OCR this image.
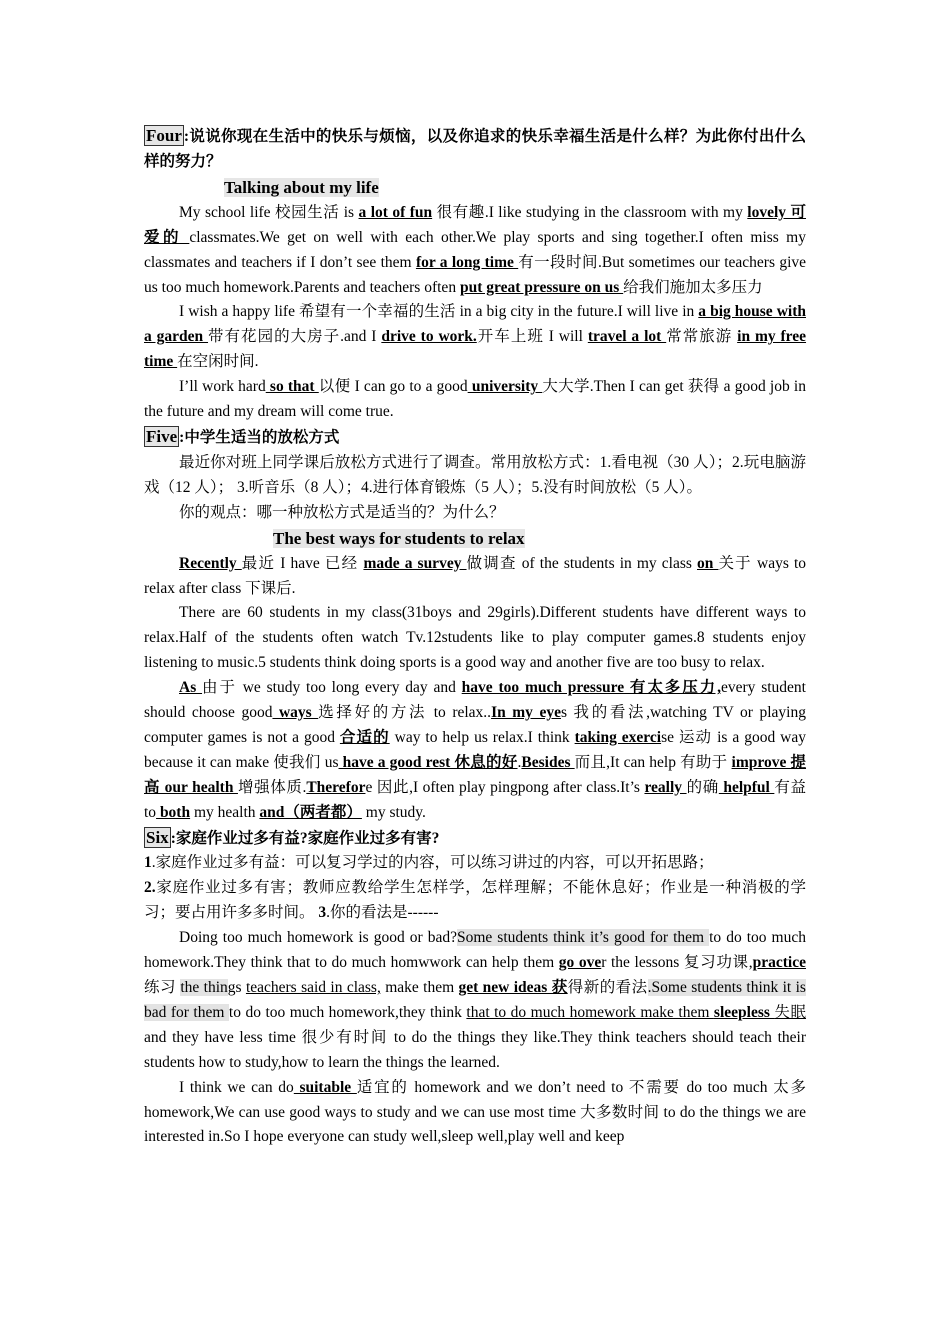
Four :说说你现在生活中的快乐与烦恼，以及你追求的快乐幸福生活是什么样？为此你付出什么样的努力？

Talking about my life

My school life 校园生活 is a lot of fun 很有趣.I like studying in the classroom with my lovely 可爱的 classmates.We get on well with each other.We play sports and sing together.I often miss my classmates and teachers if I don’t see them for a long time 有一段时间.But sometimes our teachers give us too much homework.Parents and teachers often put great pressure on us 给我们施加太多压力

I wish a happy life 希望有一个幸福的生活 in a big city in the future.I will live in a big house with a garden 带有花园的大房子.and I drive to work.开车上班 I will travel a lot 常常旅游 in my free time 在空闲时间.

I’ll work hard so that 以便 I can go to a good university 大大学.Then I can get 获得 a good job in the future and my dream will come true.

Five :中学生适当的放松方式

最近你对班上同学课后放松方式进行了调查。常用放松方式：1.看电视（30 人）；2.玩电脑游戏（12 人）； 3.听音乐（8 人）；4.进行体育锻炼（5 人）；5.没有时间放松（5 人）。

你的观点：哪一种放松方式是适当的？为什么？

The best ways for students to relax

Recently 最近 I have 已经 made a survey 做调查 of the students in my class on 关于 ways to relax after class 下课后.

There are 60 students in my class(31boys and 29girls).Different students have different ways to relax.Half of the students often watch Tv.12students like to play computer games.8 students enjoy listening to music.5 students think doing sports is a good way and another five are too busy to relax.

As 由于 we study too long every day and have too much pressure 有太多压力,every student should choose good ways 选择好的方法 to relax..In my eyes 我的看法,watching TV or playing computer games is not a good 合适的 way to help us relax.I think taking exercise 运动 is a good way because it can make 使我们 us have a good rest 休息的好.Besides 而且,It can help 有助于 improve 提高 our health 增强体质.Therefore 因此,I often play pingpong after class.It’s really 的确 helpful 有益 to both my health and（两者都） my study.

Six :家庭作业过多有益?家庭作业过多有害?

1.家庭作业过多有益：可以复习学过的内容，可以练习讲过的内容，可以开拓思路；

2.家庭作业过多有害；教师应教给学生怎样学，怎样理解；不能休息好；作业是一种消极的学习；要占用许多多时间。 3.你的看法是------

Doing too much homework is good or bad?Some students think it’s good for them to do too much homework.They think that to do much homwwork can help them go over the lessons 复习功课,practice 练习 the things teachers said in class, make them get new ideas 获得新的看法.Some students think it is bad for them to do too much homework,they think that to do much homework make them sleepless 失眠 and they have less time 很少有时间 to do the things they like.They think teachers should teach their students how to study,how to learn the things the learned.

I think we can do suitable 适宜的 homework and we don’t need to 不需要 do too much 太多 homework,We can use good ways to study and we can use most time 大多数时间 to do the things we are interested in.So I hope everyone can study well,sleep well,play well and keep
